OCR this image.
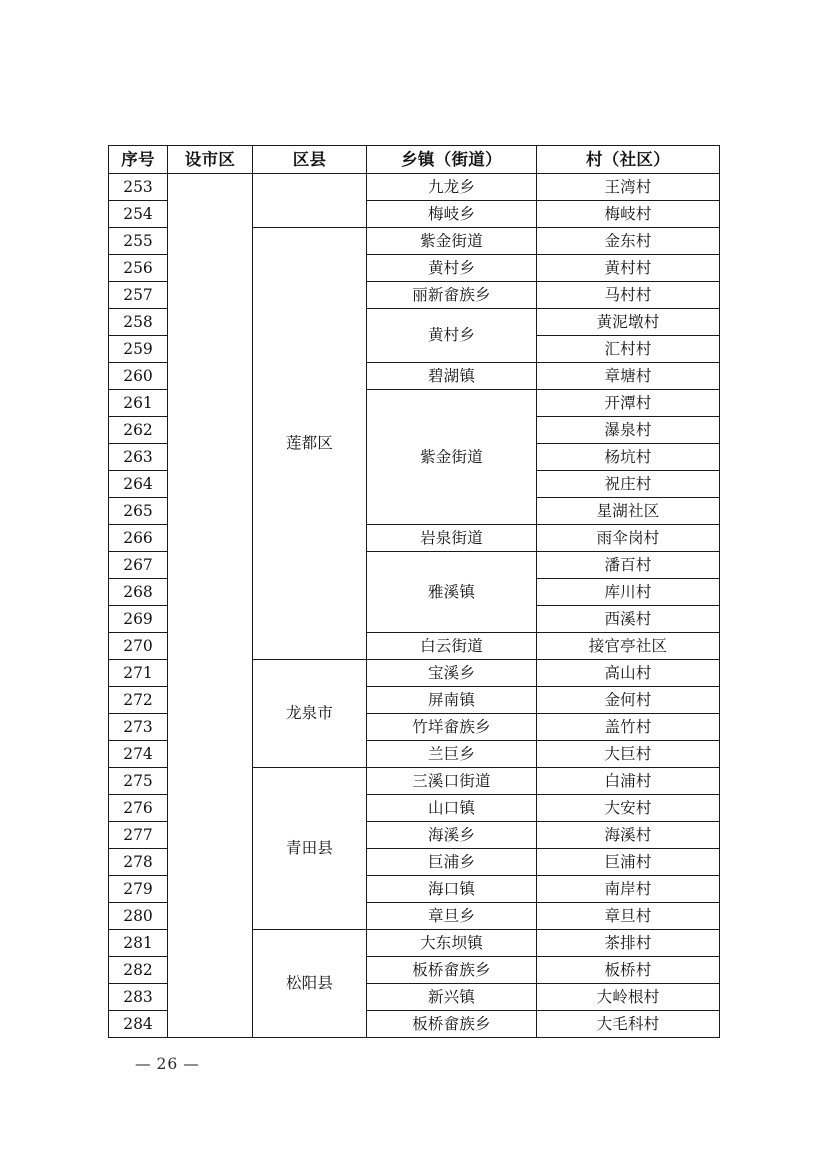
序号	设市区	区县	乡镇（街道）	村（社区）
253			九龙乡	王湾村
254			梅岐乡	梅岐村
255		莲都区	紫金街道	金东村
256			黄村乡	黄村村
257			丽新畲族乡	马村村
258			黄村乡	黄泥墩村
259				汇村村
260			碧湖镇	章塘村
261			紫金街道	开潭村
262				瀑泉村
263				杨坑村
264				祝庄村
265				星湖社区
266			岩泉街道	雨伞岗村
267			雅溪镇	潘百村
268				库川村
269				西溪村
270			白云街道	接官亭社区
271		龙泉市	宝溪乡	高山村
272			屏南镇	金何村
273			竹垟畲族乡	盖竹村
274			兰巨乡	大巨村
275		青田县	三溪口街道	白浦村
276			山口镇	大安村
277			海溪乡	海溪村
278			巨浦乡	巨浦村
279			海口镇	南岸村
280			章旦乡	章旦村
281		松阳县	大东坝镇	茶排村
282			板桥畲族乡	板桥村
283			新兴镇	大岭根村
284			板桥畲族乡	大毛科村
— 26 —
